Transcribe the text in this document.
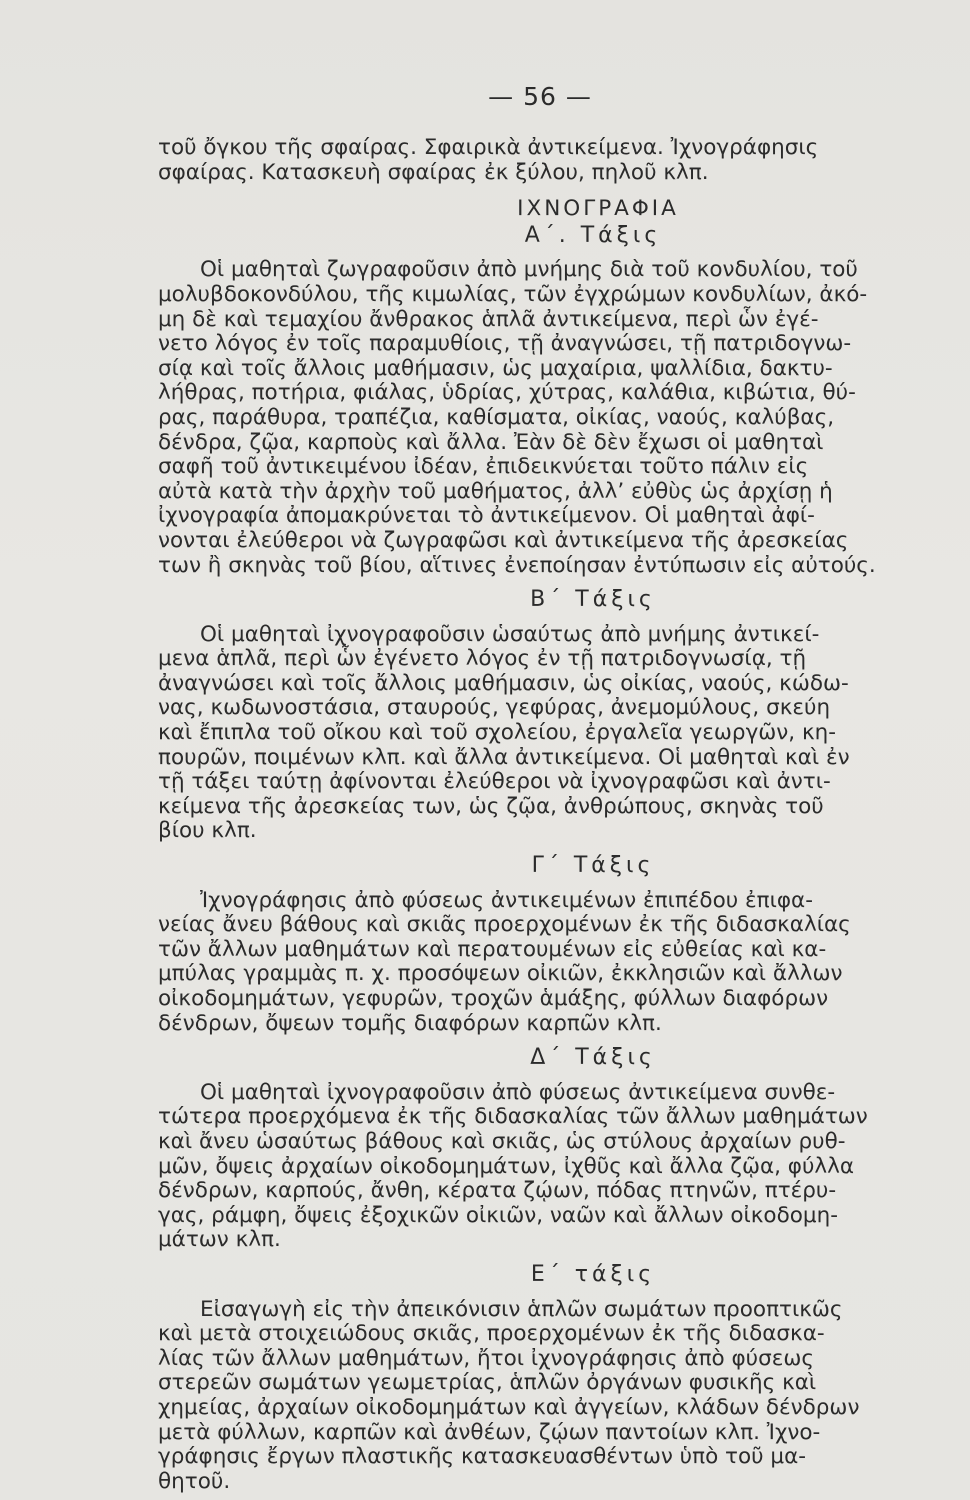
— 56 —
τοῦ ὄγκου τῆς σφαίρας. Σφαιρικὰ ἀντικείμενα. Ἰχνογράφησις
σφαίρας. Κατασκευὴ σφαίρας ἐκ ξύλου, πηλοῦ κλπ.
ΙΧΝΟΓΡΑΦΙΑ
Α΄. Τάξις
Οἱ μαθηταὶ ζωγραφοῦσιν ἀπὸ μνήμης διὰ τοῦ κονδυλίου, τοῦ
μολυβδοκονδύλου, τῆς κιμωλίας, τῶν ἐγχρώμων κονδυλίων, ἀκό-
μη δὲ καὶ τεμαχίου ἄνθρακος ἁπλᾶ ἀντικείμενα, περὶ ὧν ἐγέ-
νετο λόγος ἐν τοῖς παραμυθίοις, τῇ ἀναγνώσει, τῇ πατριδογνω-
σίᾳ καὶ τοῖς ἄλλοις μαθήμασιν, ὡς μαχαίρια, ψαλλίδια, δακτυ-
λήθρας, ποτήρια, φιάλας, ὑδρίας, χύτρας, καλάθια, κιβώτια, θύ-
ρας, παράθυρα, τραπέζια, καθίσματα, οἰκίας, ναούς, καλύβας,
δένδρα, ζῷα, καρποὺς καὶ ἄλλα. Ἐὰν δὲ δὲν ἔχωσι οἱ μαθηταὶ
σαφῆ τοῦ ἀντικειμένου ἰδέαν, ἐπιδεικνύεται τοῦτο πάλιν εἰς
αὐτὰ κατὰ τὴν ἀρχὴν τοῦ μαθήματος, ἀλλ’ εὐθὺς ὡς ἀρχίσῃ ἡ
ἰχνογραφία ἀπομακρύνεται τὸ ἀντικείμενον. Οἱ μαθηταὶ ἀφί-
νονται ἐλεύθεροι νὰ ζωγραφῶσι καὶ ἀντικείμενα τῆς ἀρεσκείας
των ἢ σκηνὰς τοῦ βίου, αἵτινες ἐνεποίησαν ἐντύπωσιν εἰς αὐτούς.
Β΄ Τάξις
Οἱ μαθηταὶ ἰχνογραφοῦσιν ὡσαύτως ἀπὸ μνήμης ἀντικεί-
μενα ἁπλᾶ, περὶ ὧν ἐγένετο λόγος ἐν τῇ πατριδογνωσίᾳ, τῇ
ἀναγνώσει καὶ τοῖς ἄλλοις μαθήμασιν, ὡς οἰκίας, ναούς, κώδω-
νας, κωδωνοστάσια, σταυρούς, γεφύρας, ἀνεμομύλους, σκεύη
καὶ ἔπιπλα τοῦ οἴκου καὶ τοῦ σχολείου, ἐργαλεῖα γεωργῶν, κη-
πουρῶν, ποιμένων κλπ. καὶ ἄλλα ἀντικείμενα. Οἱ μαθηταὶ καὶ ἐν
τῇ τάξει ταύτῃ ἀφίνονται ἐλεύθεροι νὰ ἰχνογραφῶσι καὶ ἀντι-
κείμενα τῆς ἀρεσκείας των, ὡς ζῷα, ἀνθρώπους, σκηνὰς τοῦ
βίου κλπ.
Γ΄ Τάξις
Ἰχνογράφησις ἀπὸ φύσεως ἀντικειμένων ἐπιπέδου ἐπιφα-
νείας ἄνευ βάθους καὶ σκιᾶς προερχομένων ἐκ τῆς διδασκαλίας
τῶν ἄλλων μαθημάτων καὶ περατουμένων εἰς εὐθείας καὶ κα-
μπύλας γραμμὰς π. χ. προσόψεων οἰκιῶν, ἐκκλησιῶν καὶ ἄλλων
οἰκοδομημάτων, γεφυρῶν, τροχῶν ἁμάξης, φύλλων διαφόρων
δένδρων, ὄψεων τομῆς διαφόρων καρπῶν κλπ.
Δ΄ Τάξις
Οἱ μαθηταὶ ἰχνογραφοῦσιν ἀπὸ φύσεως ἀντικείμενα συνθε-
τώτερα προερχόμενα ἐκ τῆς διδασκαλίας τῶν ἄλλων μαθημάτων
καὶ ἄνευ ὡσαύτως βάθους καὶ σκιᾶς, ὡς στύλους ἀρχαίων ρυθ-
μῶν, ὄψεις ἀρχαίων οἰκοδομημάτων, ἰχθῦς καὶ ἄλλα ζῷα, φύλλα
δένδρων, καρπούς, ἄνθη, κέρατα ζῴων, πόδας πτηνῶν, πτέρυ-
γας, ράμφη, ὄψεις ἐξοχικῶν οἰκιῶν, ναῶν καὶ ἄλλων οἰκοδομη-
μάτων κλπ.
Ε΄ τάξις
Εἰσαγωγὴ εἰς τὴν ἀπεικόνισιν ἁπλῶν σωμάτων προοπτικῶς
καὶ μετὰ στοιχειώδους σκιᾶς, προερχομένων ἐκ τῆς διδασκα-
λίας τῶν ἄλλων μαθημάτων, ἤτοι ἰχνογράφησις ἀπὸ φύσεως
στερεῶν σωμάτων γεωμετρίας, ἁπλῶν ὀργάνων φυσικῆς καὶ
χημείας, ἀρχαίων οἰκοδομημάτων καὶ ἀγγείων, κλάδων δένδρων
μετὰ φύλλων, καρπῶν καὶ ἀνθέων, ζῴων παντοίων κλπ. Ἰχνο-
γράφησις ἔργων πλαστικῆς κατασκευασθέντων ὑπὸ τοῦ μα-
θητοῦ.
